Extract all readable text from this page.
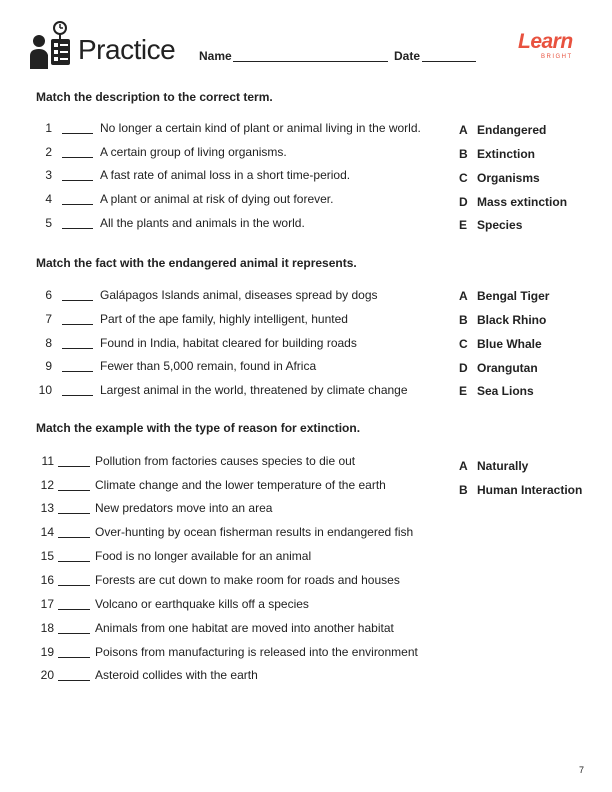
Practice Name	Date
Learn
BRIGHT
Match the description to the correct term.
1	No longer a certain kind of plant or animal living in the world.
2	A certain group of living organisms.
3	A fast rate of animal loss in a short time-period.
4	A plant or animal at risk of dying out forever.
5	All the plants and animals in the world.
A Endangered
B Extinction
C Organisms
D Mass extinction
E Species
Match the fact with the endangered animal it represents.
6	Galápagos Islands animal, diseases spread by dogs
7	Part of the ape family, highly intelligent, hunted
8	Found in India, habitat cleared for building roads
9	Fewer than 5,000 remain, found in Africa
10	Largest animal in the world, threatened by climate change
A Bengal Tiger
B Black Rhino
C Blue Whale
D Orangutan
E Sea Lions
Match the example with the type of reason for extinction.
11	Pollution from factories causes species to die out
12	Climate change and the lower temperature of the earth
13	New predators move into an area
14	Over-hunting by ocean fisherman results in endangered fish
15	Food is no longer available for an animal
16	Forests are cut down to make room for roads and houses
17	Volcano or earthquake kills off a species
18	Animals from one habitat are moved into another habitat
19	Poisons from manufacturing is released into the environment
20	Asteroid collides with the earth
A Naturally
B Human Interaction
7
